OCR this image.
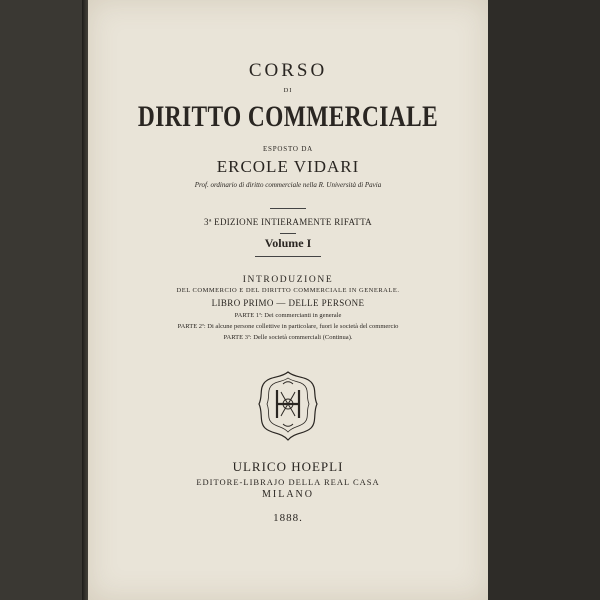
CORSO
DI
DIRITTO COMMERCIALE
ESPOSTO DA
ERCOLE VIDARI
Prof. ordinario di diritto commerciale nella R. Università di Pavia
3ª EDIZIONE INTIERAMENTE RIFATTA
Volume I
INTRODUZIONE
DEL COMMERCIO E DEL DIRITTO COMMERCIALE IN GENERALE.
LIBRO PRIMO — DELLE PERSONE
PARTE 1ª: Dei commercianti in generale
PARTE 2ª: Di alcune persone collettive in particolare, fuori le società del commercio
PARTE 3ª: Delle società commerciali (Continua).
ULRICO HOEPLI
EDITORE-LIBRAJO DELLA REAL CASA
MILANO
1888.
